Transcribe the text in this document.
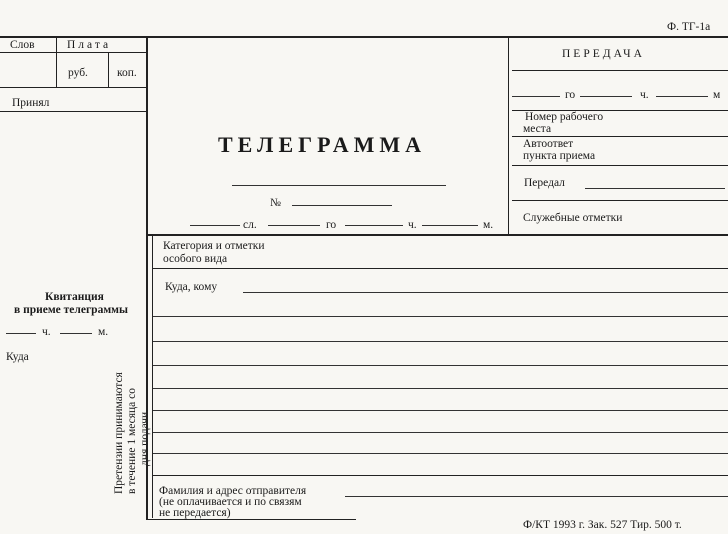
Ф. ТГ-1а
Слов	Плата
руб.	коп.
Принял
Квитанция
в приеме телеграммы
ч.	м.
Куда
Претензии принимаются в течение 1 месяца со дня подачи
ТЕЛЕГРАММА
№
сл.	го	ч.	м.
ПЕРЕДАЧА
го	ч.	м
Номер рабочего
места
Автоответ
пункта приема
Передал
Служебные отметки
Категория и отметки
особого вида
Куда, кому
Фамилия и адрес отправителя
(не оплачивается и по связям
не передается)
Ф/КТ 1993 г. Зак. 527 Тир. 500 т.
